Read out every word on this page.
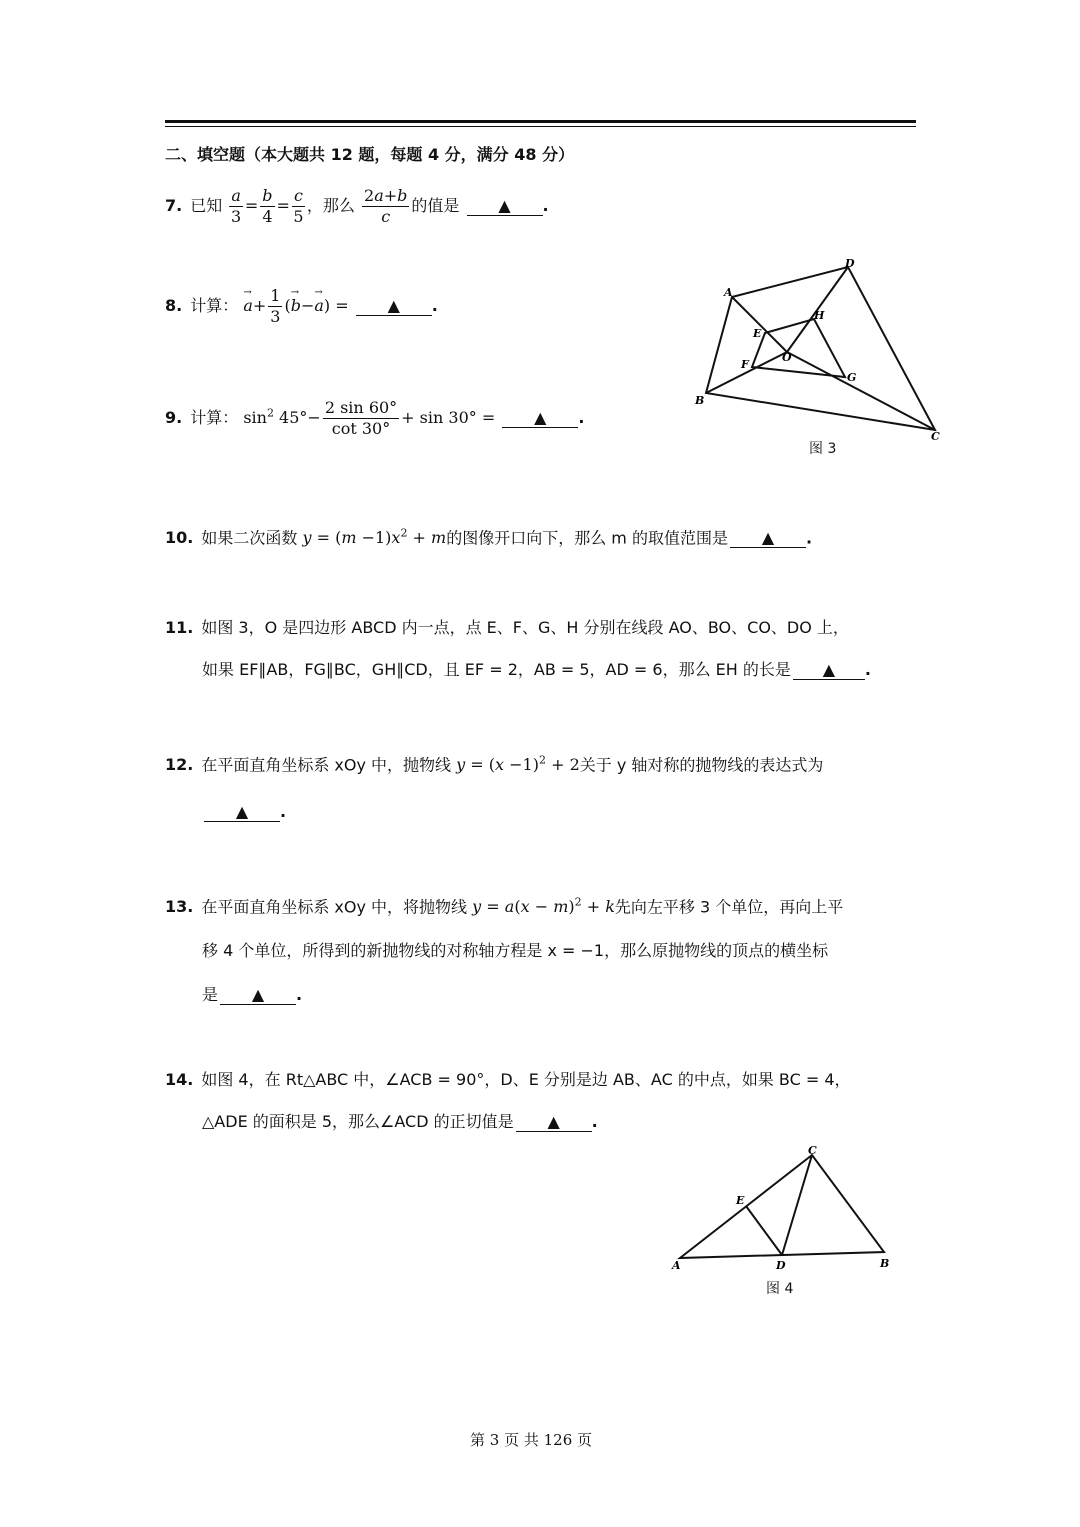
二、填空题（本大题共 12 题，每题 4 分，满分 48 分）
7. 已知 $\frac{a}{3} = \frac{b}{4} = \frac{c}{5}$ ，那么 $\frac{2a+b}{c}$ 的值是 ▲ .
8. 计算： → $a+ \frac{1}{3}$ (→ b−→ a) = ▲ .
9. 计算： $\sin^2 45^\circ- \frac{2 \sin 60^\circ}{\cot 30^\circ} + \sin 30^\circ$ = ▲ .
A
B
C
D
E
F
G
H
O
图 3
10. 如果二次函数 $y = (m -1)x^2 + m$的图像开口向下，那么 m 的取值范围是 ▲ .
11. 如图 3，O 是四边形 ABCD 内一点，点 E、F、G、H 分别在线段 AO、BO、CO、DO 上，
如果 EF∥AB，FG∥BC，GH∥CD，且 EF = 2，AB = 5，AD = 6，那么 EH 的长是 ▲ .
12. 在平面直角坐标系 xOy 中，抛物线 $y = (x -1)^2 + 2$关于 y 轴对称的抛物线的表达式为
▲ .
13. 在平面直角坐标系 xOy 中，将抛物线 $y = a(x - m)^2 + k$先向左平移 3 个单位，再向上平
移 4 个单位，所得到的新抛物线的对称轴方程是 x = −1，那么原抛物线的顶点的横坐标
是 ▲ .
14. 如图 4，在 Rt△ABC 中，∠ACB = 90°，D、E 分别是边 AB、AC 的中点，如果 BC = 4，
△ADE 的面积是 5，那么∠ACD 的正切值是 ▲ .
A	B
C
D
E
图 4
第 3 页 共 126 页
